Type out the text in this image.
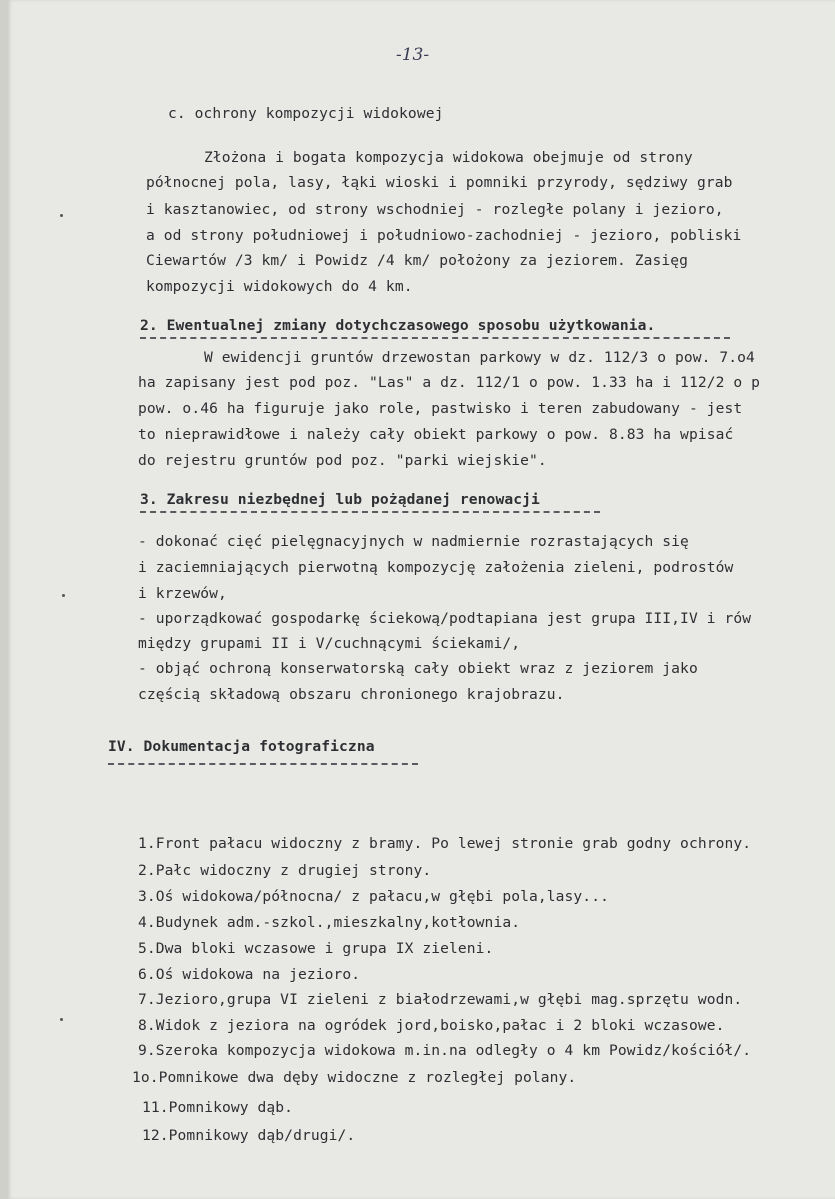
-13-
c. ochrony kompozycji widokowej
Złożona i bogata kompozycja widokowa obejmuje od strony
północnej pola, lasy, łąki wioski i pomniki przyrody, sędziwy grab
i kasztanowiec, od strony wschodniej - rozległe polany i jezioro,
a od strony południowej i południowo-zachodniej - jezioro, pobliski
Ciewartów /3 km/ i Powidz /4 km/ położony za jeziorem. Zasięg
kompozycji widokowych do 4 km.
2. Ewentualnej zmiany dotychczasowego sposobu użytkowania.
W ewidencji gruntów drzewostan parkowy w dz. 112/3 o pow. 7.o4
ha zapisany jest pod poz. "Las" a dz. 112/1 o pow. 1.33 ha i 112/2 o p
pow. o.46 ha figuruje jako role, pastwisko i teren zabudowany - jest
to nieprawidłowe i należy cały obiekt parkowy o pow. 8.83 ha wpisać
do rejestru gruntów pod poz. "parki wiejskie".
3. Zakresu niezbędnej lub pożądanej renowacji
- dokonać cięć pielęgnacyjnych w nadmiernie rozrastających się
i zaciemniających pierwotną kompozycję założenia zieleni, podrostów
i krzewów,
- uporządkować gospodarkę ściekową/podtapiana jest grupa III,IV i rów
między grupami II i V/cuchnącymi ściekami/,
- objąć ochroną konserwatorską cały obiekt wraz z jeziorem jako
częścią składową obszaru chronionego krajobrazu.
IV. Dokumentacja fotograficzna
1.Front pałacu widoczny z bramy. Po lewej stronie grab godny ochrony.
2.Pałc widoczny z drugiej strony.
3.Oś widokowa/północna/ z pałacu,w głębi pola,lasy...
4.Budynek adm.-szkol.,mieszkalny,kotłownia.
5.Dwa bloki wczasowe i grupa IX zieleni.
6.Oś widokowa na jezioro.
7.Jezioro,grupa VI zieleni z białodrzewami,w głębi mag.sprzętu wodn.
8.Widok z jeziora na ogródek jord,boisko,pałac i 2 bloki wczasowe.
9.Szeroka kompozycja widokowa m.in.na odległy o 4 km Powidz/kościół/.
1o.Pomnikowe dwa dęby widoczne z rozległej polany.
11.Pomnikowy dąb.
12.Pomnikowy dąb/drugi/.
